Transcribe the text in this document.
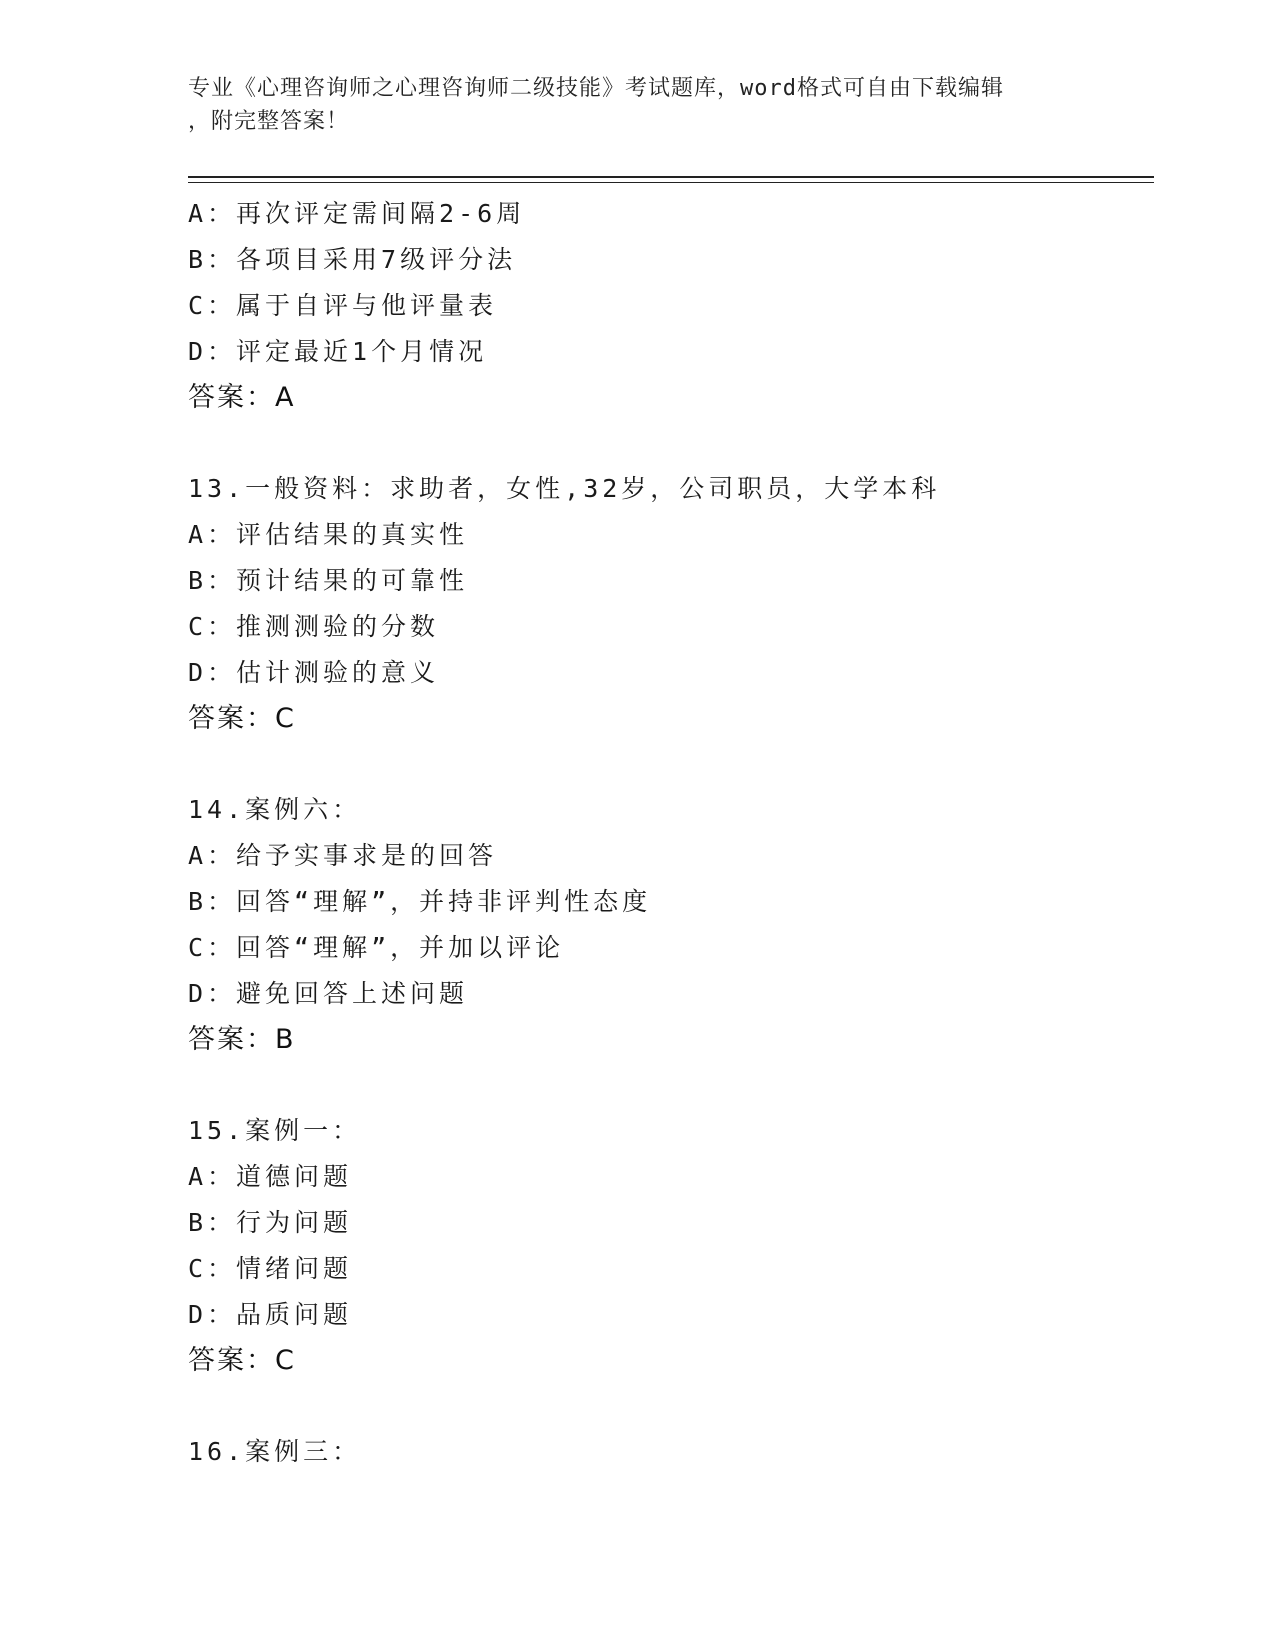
专业《心理咨询师之心理咨询师二级技能》考试题库，word格式可自由下载编辑
，附完整答案！
A：再次评定需间隔2-6周
B：各项目采用7级评分法
C：属于自评与他评量表
D：评定最近1个月情况
答案：A
13.一般资料：求助者，女性,32岁，公司职员，大学本科
A：评估结果的真实性
B：预计结果的可靠性
C：推测测验的分数
D：估计测验的意义
答案：C
14.案例六：
A：给予实事求是的回答
B：回答“理解”，并持非评判性态度
C：回答“理解”，并加以评论
D：避免回答上述问题
答案：B
15.案例一：
A：道德问题
B：行为问题
C：情绪问题
D：品质问题
答案：C
16.案例三：
